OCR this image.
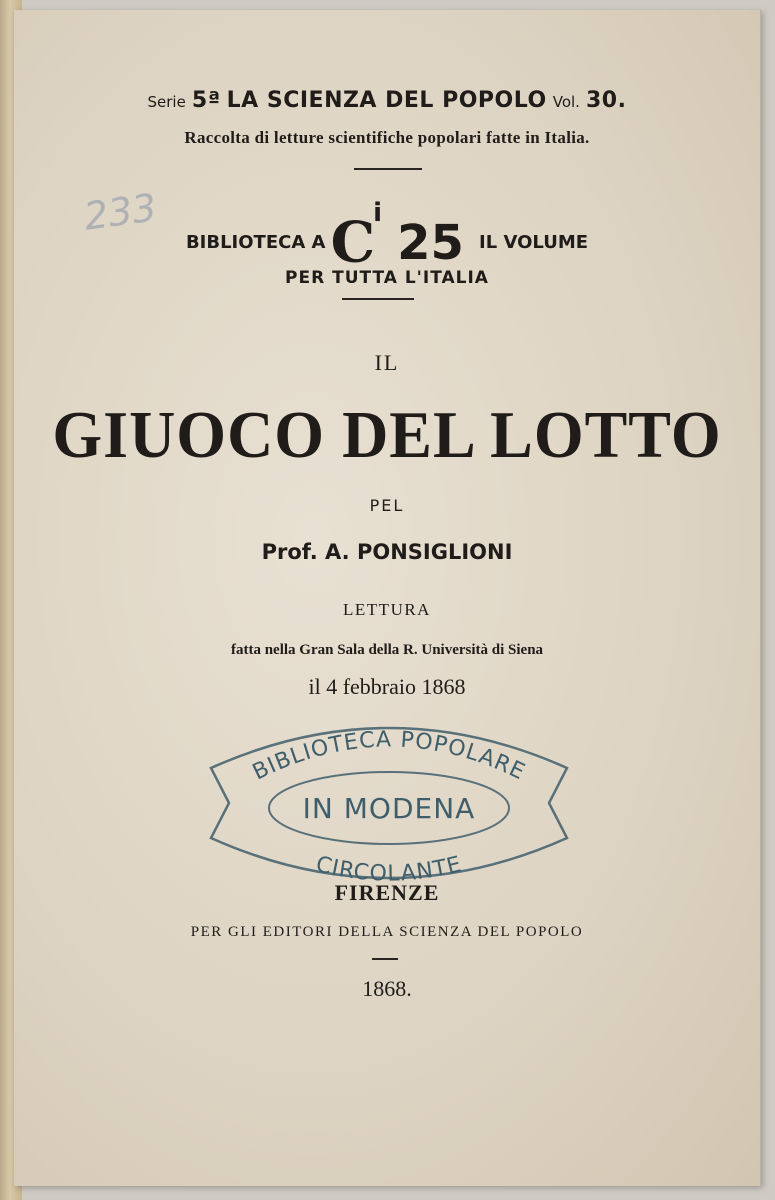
233
Serie 5ª LA SCIENZA DEL POPOLO Vol. 30.
Raccolta di letture scientifiche popolari fatte in Italia.
BIBLIOTECA A Ci 25 IL VOLUME
PER TUTTA L'ITALIA
IL
GIUOCO DEL LOTTO
PEL
Prof. A. PONSIGLIONI
LETTURA
fatta nella Gran Sala della R. Università di Siena
il 4 febbraio 1868
BIBLIOTECA POPOLARE
IN MODENA
CIRCOLANTE
FIRENZE
PER GLI EDITORI DELLA SCIENZA DEL POPOLO
1868.
